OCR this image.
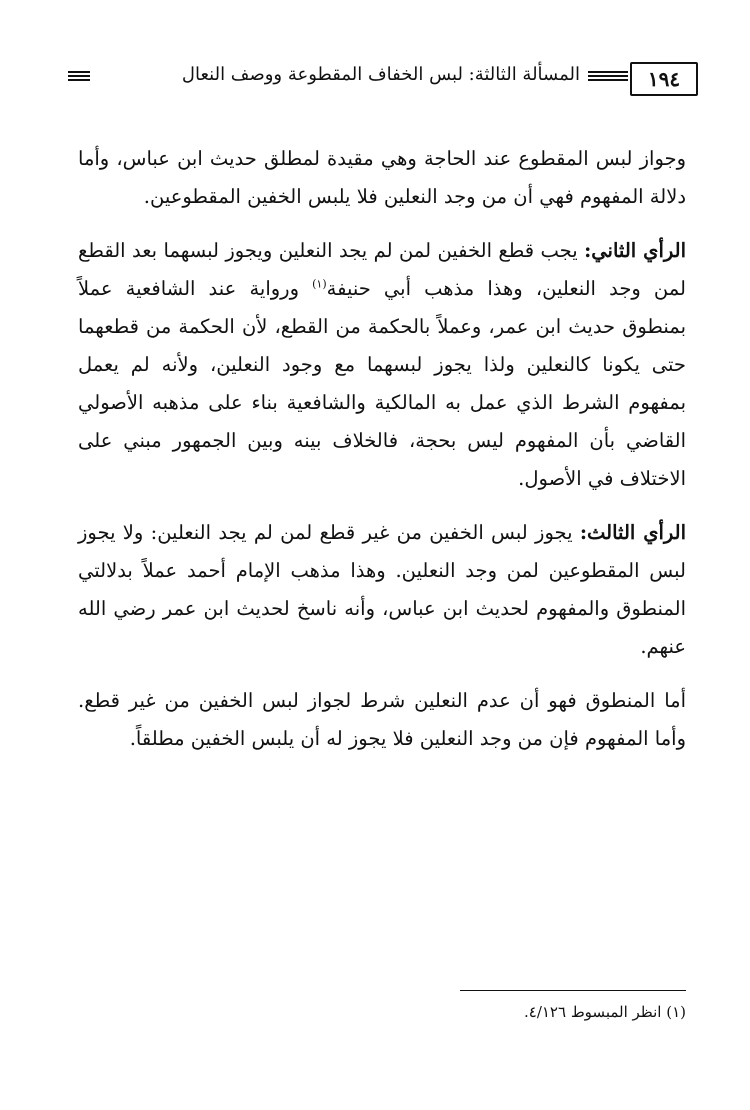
١٩٤
المسألة الثالثة: لبس الخفاف المقطوعة ووصف النعال

وجواز لبس المقطوع عند الحاجة وهي مقيدة لمطلق حديث ابن عباس، وأما دلالة المفهوم فهي أن من وجد النعلين فلا يلبس الخفين المقطوعين.

الرأي الثاني: يجب قطع الخفين لمن لم يجد النعلين ويجوز لبسهما بعد القطع لمن وجد النعلين، وهذا مذهب أبي حنيفة$^{(١)}$ ورواية عند الشافعية عملاً بمنطوق حديث ابن عمر، وعملاً بالحكمة من القطع، لأن الحكمة من قطعهما حتى يكونا كالنعلين ولذا يجوز لبسهما مع وجود النعلين، ولأنه لم يعمل بمفهوم الشرط الذي عمل به المالكية والشافعية بناء على مذهبه الأصولي القاضي بأن المفهوم ليس بحجة، فالخلاف بينه وبين الجمهور مبني على الاختلاف في الأصول.

الرأي الثالث: يجوز لبس الخفين من غير قطع لمن لم يجد النعلين: ولا يجوز لبس المقطوعين لمن وجد النعلين. وهذا مذهب الإمام أحمد عملاً بدلالتي المنطوق والمفهوم لحديث ابن عباس، وأنه ناسخ لحديث ابن عمر رضي الله عنهم.

أما المنطوق فهو أن عدم النعلين شرط لجواز لبس الخفين من غير قطع. وأما المفهوم فإن من وجد النعلين فلا يجوز له أن يلبس الخفين مطلقاً.

(١) انظر المبسوط ٤/١٢٦.
